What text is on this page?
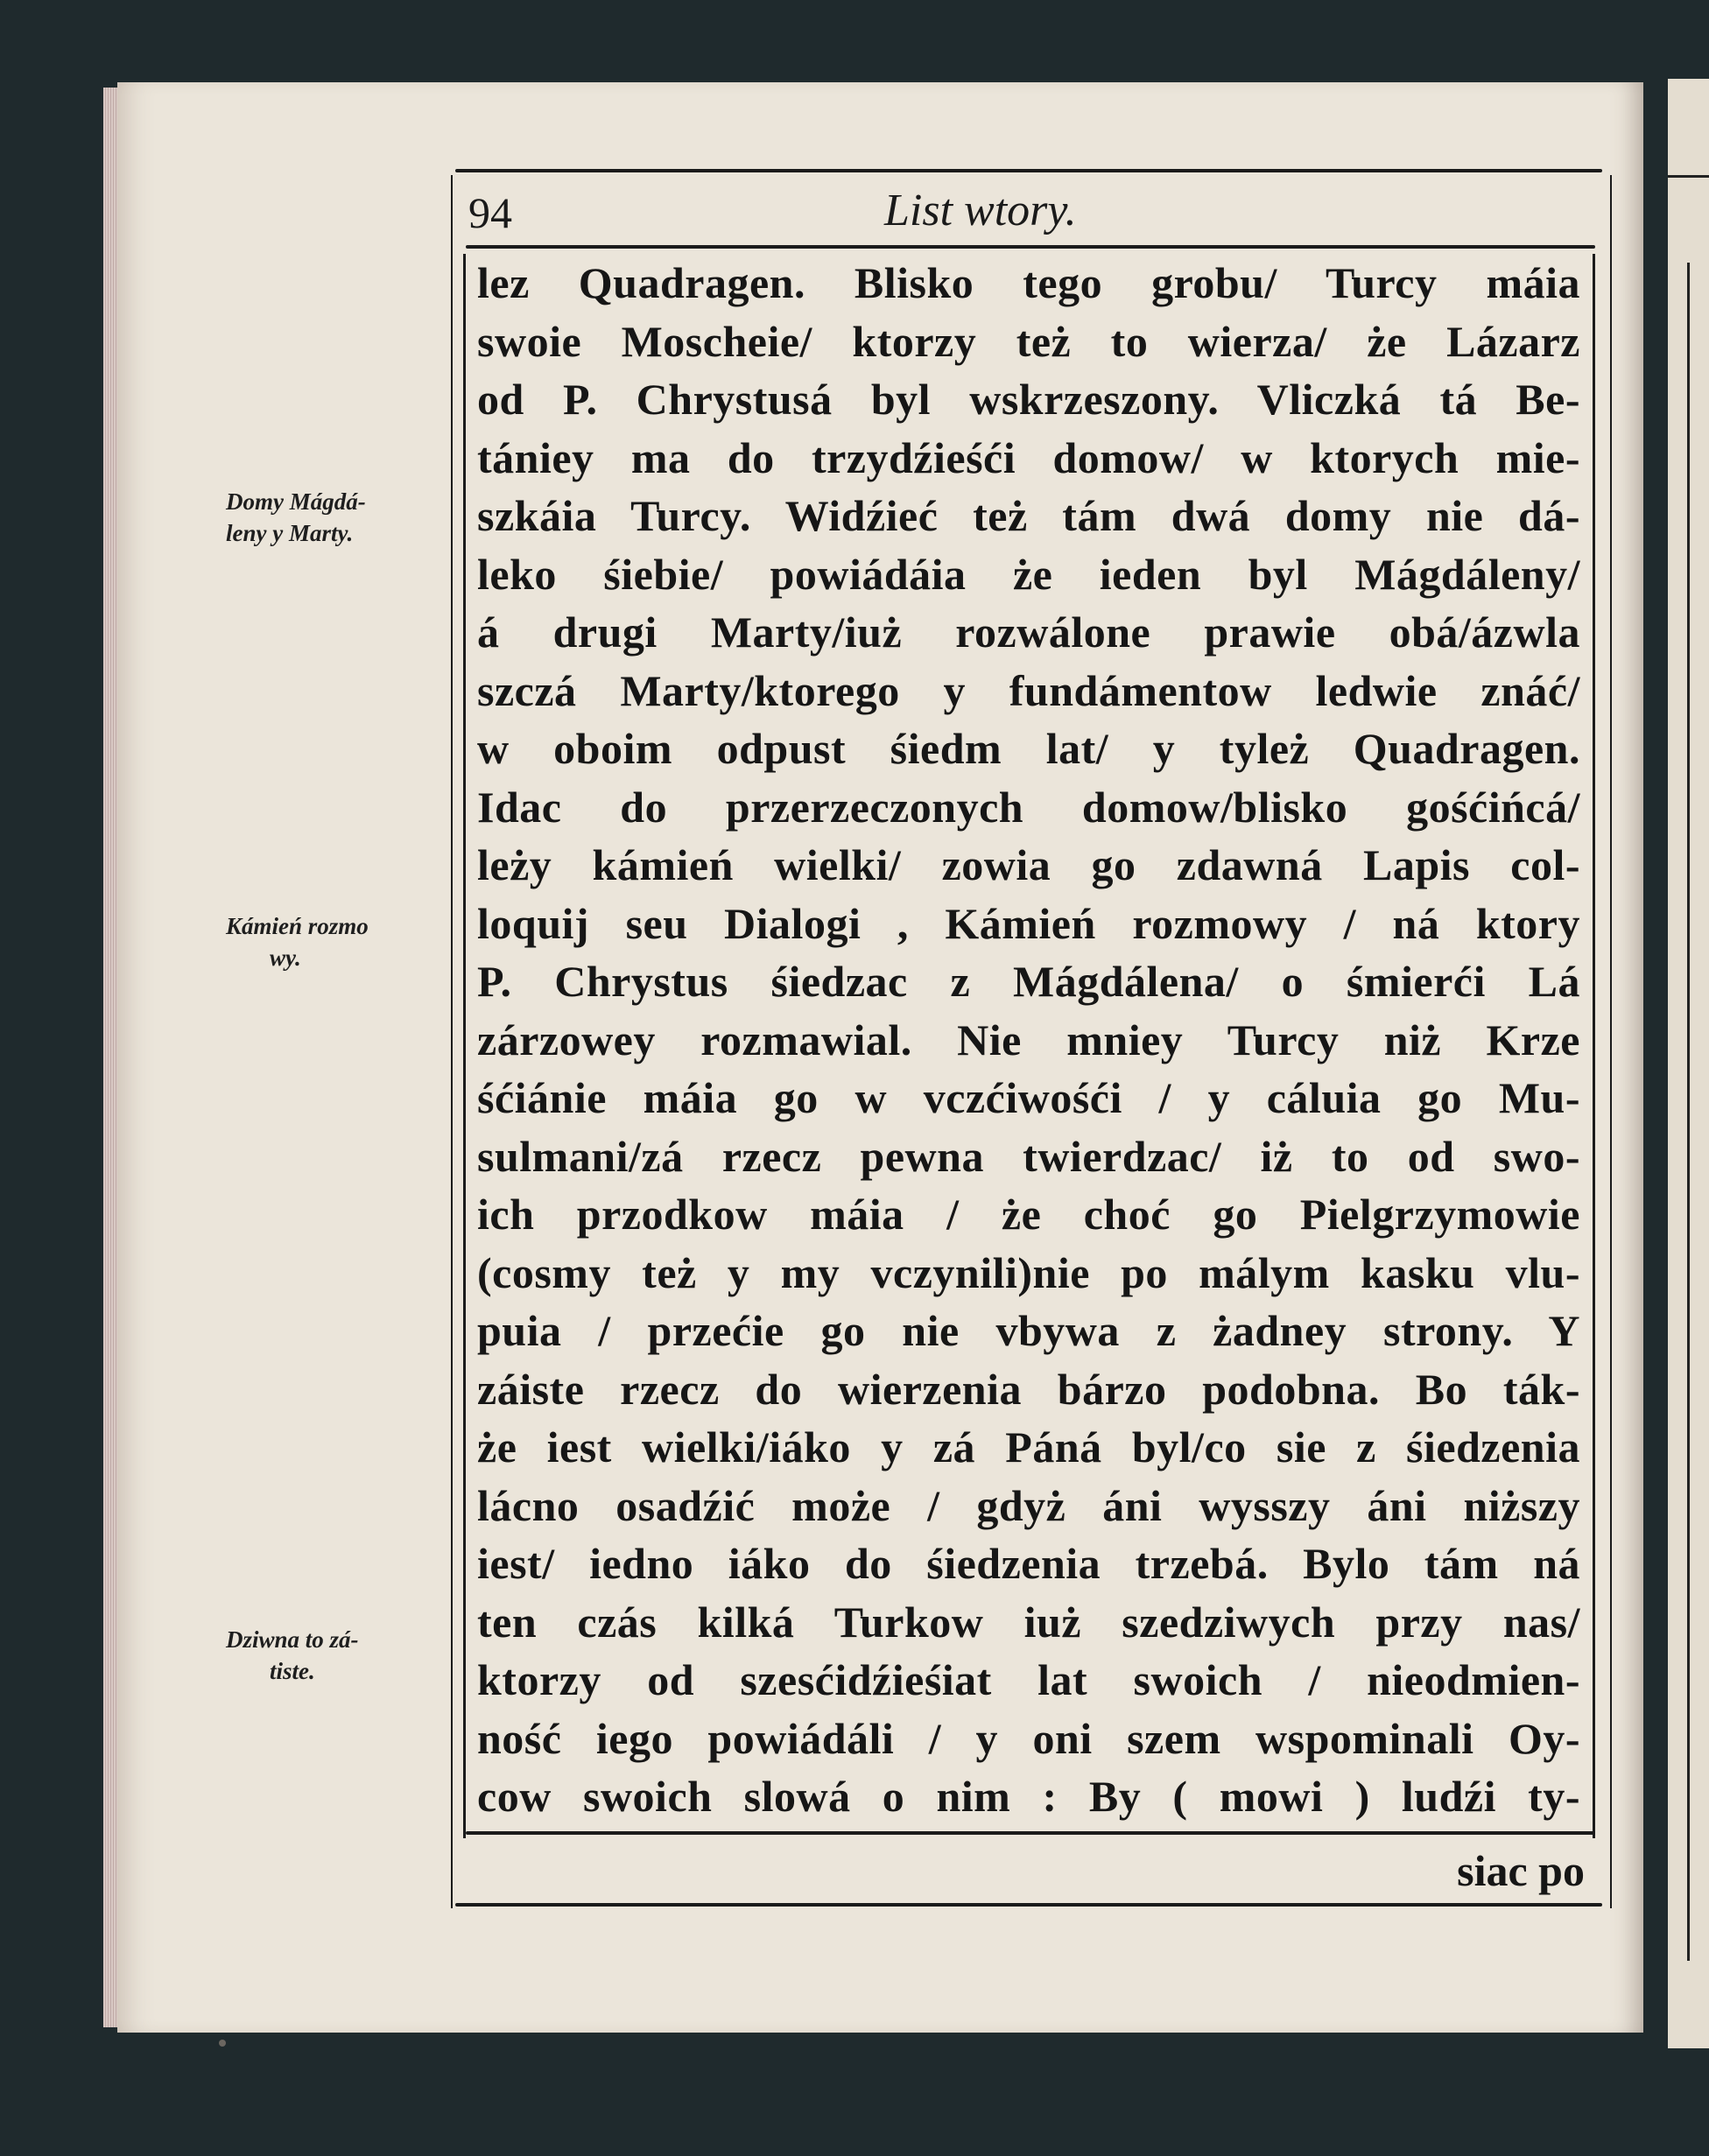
94	List wtory.
lez Quadragen. Blisko tego grobu/ Turcy máia
swoie Moscheie/ ktorzy też to wierza/ że Lázarz
od P. Chrystusá byl wskrzeszony. Vliczká tá Be-
tániey ma do trzydźieśći domow/ w ktorych mie-
szkáia Turcy. Widźieć też tám dwá domy nie dá-
leko śiebie/ powiádáia że ieden byl Mágdáleny/
á drugi Marty/iuż rozwálone prawie obá/ázwla
szczá Marty/ktorego y fundámentow ledwie znáć/
w oboim odpust śiedm lat/ y tyleż Quadragen.
Idac do przerzeczonych domow/blisko gośćińcá/
leży kámień wielki/ zowia go zdawná Lapis col-
loquij seu Dialogi , Kámień rozmowy / ná ktory
P. Chrystus śiedzac z Mágdálena/ o śmierći Lá
zárzowey rozmawial. Nie mniey Turcy niż Krze
śćiánie máia go w vczćiwośći / y cáluia go Mu-
sulmani/zá rzecz pewna twierdzac/ iż to od swo-
ich przodkow máia / że choć go Pielgrzymowie
(cosmy też y my vczynili)nie po málym kasku vlu-
puia / przećie go nie vbywa z żadney strony. Y
záiste rzecz do wierzenia bárzo podobna. Bo ták-
że iest wielki/iáko y zá Páná byl/co sie z śiedzenia
lácno osadźić może / gdyż áni wysszy áni niższy
iest/ iedno iáko do śiedzenia trzebá. Bylo tám ná
ten czás kilká Turkow iuż szedziwych przy nas/
ktorzy od szesćidźieśiat lat swoich / nieodmien-
ność iego powiádáli / y oni szem wspominali Oy-
cow swoich slowá o nim : By ( mowi ) ludźi ty-
siac po
Domy Mágdá-
leny y Marty.
Kámień rozmo
wy.
Dziwna to zá-
tiste.
